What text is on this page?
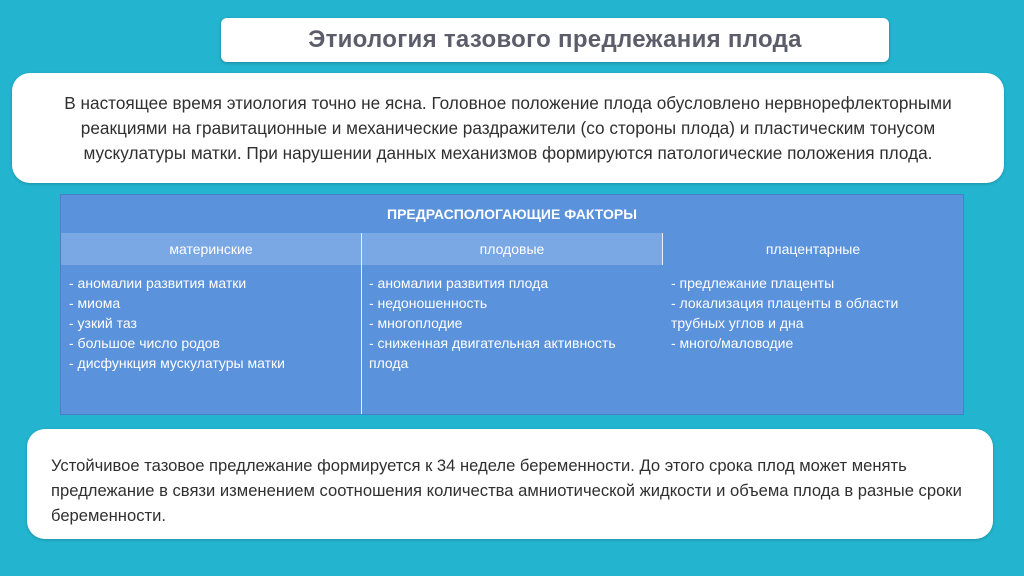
Этиология тазового предлежания плода
В настоящее время этиология точно не ясна. Головное положение плода обусловлено нервнорефлекторными реакциями на гравитационные и механические раздражители (со стороны плода) и пластическим тонусом мускулатуры матки. При нарушении данных механизмов формируются патологические положения плода.
ПРЕДРАСПОЛОГАЮЩИЕ ФАКТОРЫ
материнские	плодовые	плацентарные
- аномалии развития матки
- миома
- узкий таз
- большое число родов
- дисфункция мускулатуры матки
- аномалии развития плода
- недоношенность
- многоплодие
- сниженная двигательная активность плода
- предлежание плаценты
- локализация плаценты в области трубных углов и дна
- много/маловодие
Устойчивое тазовое предлежание формируется к 34 неделе беременности. До этого срока плод может менять предлежание в связи изменением соотношения количества амниотической жидкости и объема плода в разные сроки беременности.
